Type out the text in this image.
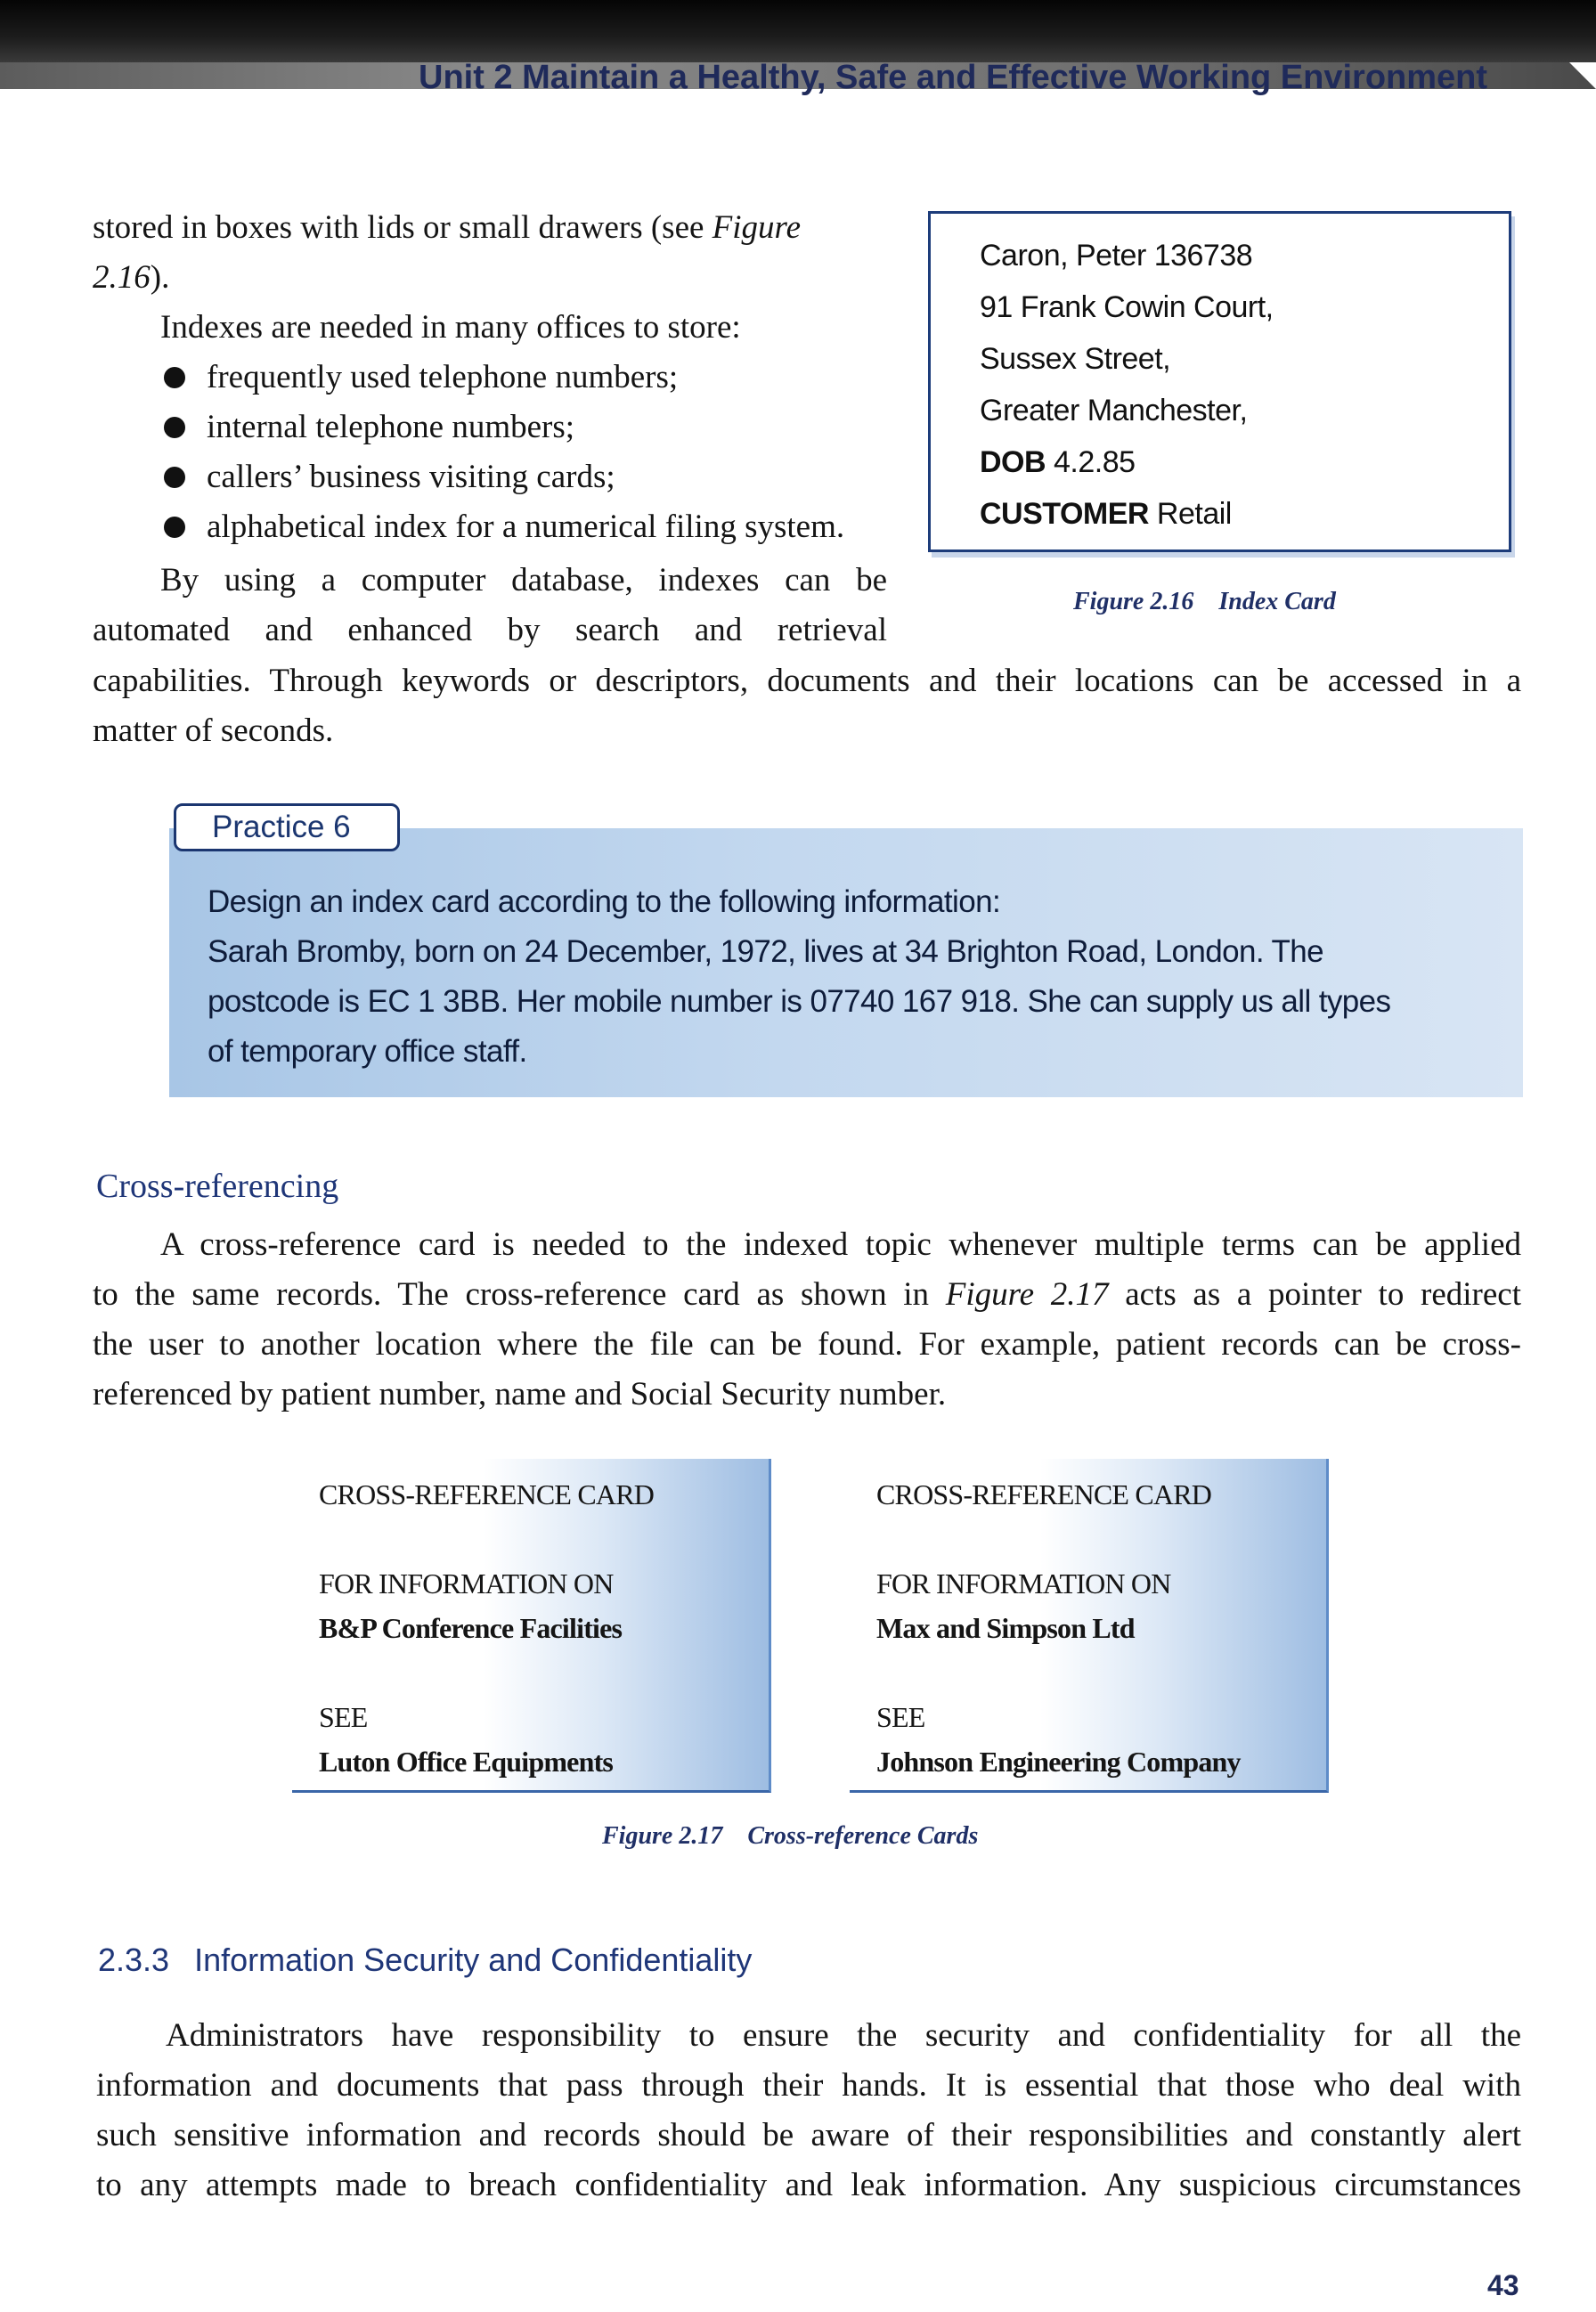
Unit 2 Maintain a Healthy, Safe and Effective Working Environment

stored in boxes with lids or small drawers (see Figure

2.16).

Indexes are needed in many offices to store:

frequently used telephone numbers;
internal telephone numbers;
callers’ business visiting cards;
alphabetical index for a numerical filing system.

By using a computer database, indexes can be

automated and enhanced by search and retrieval

capabilities. Through keywords or descriptors, documents and their locations can be accessed in a

matter of seconds.

Caron, Peter 136738
91 Frank Cowin Court,
Sussex Street,
Greater Manchester,
DOB 4.2.85
CUSTOMER Retail
Figure 2.16 Index Card
Practice 6
Design an index card according to the following information:
Sarah Bromby, born on 24 December, 1972, lives at 34 Brighton Road, London. The
postcode is EC 1 3BB. Her mobile number is 07740 167 918. She can supply us all types
of temporary office staff.
Cross-referencing

A cross-reference card is needed to the indexed topic whenever multiple terms can be applied

to the same records. The cross-reference card as shown in Figure 2.17 acts as a pointer to redirect

the user to another location where the file can be found. For example, patient records can be cross-

referenced by patient number, name and Social Security number.

CROSS-REFERENCE CARD
FOR INFORMATION ON
B&P Conference Facilities
SEE
Luton Office Equipments
CROSS-REFERENCE CARD
FOR INFORMATION ON
Max and Simpson Ltd
SEE
Johnson Engineering Company
Figure 2.17 Cross-reference Cards
2.3.3 Information Security and Confidentiality

Administrators have responsibility to ensure the security and confidentiality for all the

information and documents that pass through their hands. It is essential that those who deal with

such sensitive information and records should be aware of their responsibilities and constantly alert

to any attempts made to breach confidentiality and leak information. Any suspicious circumstances

43
